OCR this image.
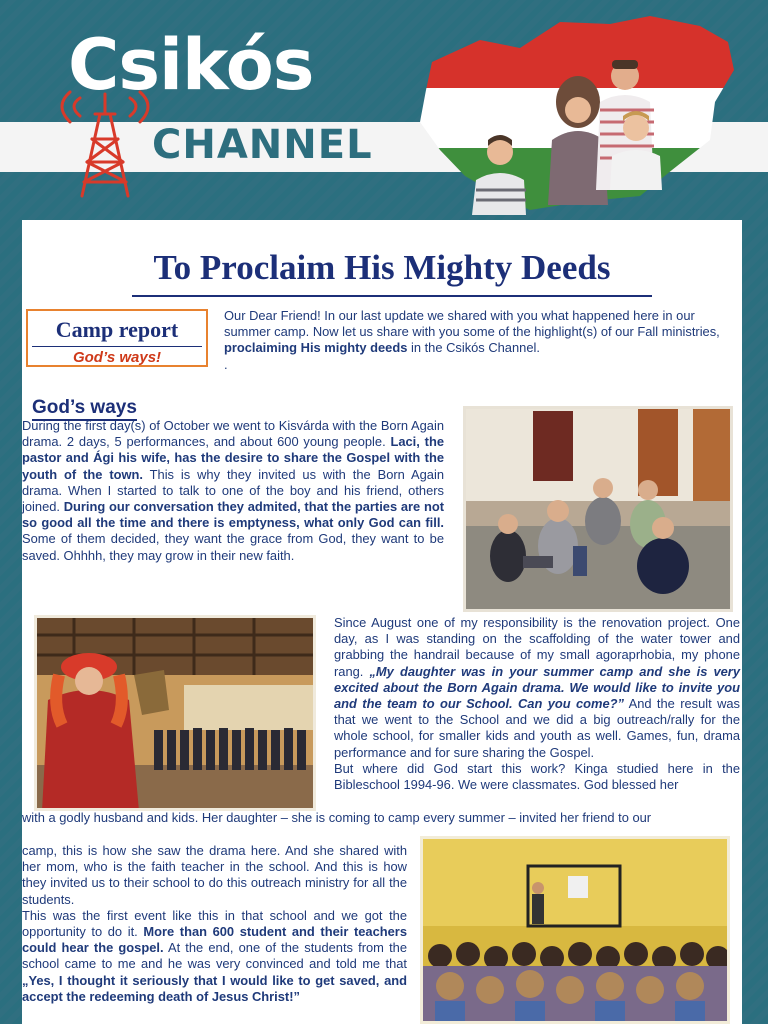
Csikós
CHANNEL
To Proclaim His Mighty Deeds
Camp report
God’s ways!
Our Dear Friend! In our last update we shared with you what happened here in our summer camp. Now let us share with you some of the highlight(s) of our Fall ministries, proclaiming His mighty deeds in the Csikós Channel.
.
God’s ways
During the first day(s) of October we went to Kisvárda with the Born Again drama. 2 days, 5 performances, and about 600 young people. Laci, the pastor and Ági his wife, has the desire to share the Gospel with the youth of the town. This is why they invited us with the Born Again drama. When I started to talk to one of the boy and his friend, others joined. During our conversation they admited, that the parties are not so good all the time and there is emptyness, what only God can fill. Some of them decided, they want the grace from God, they want to be saved. Ohhhh, they may grow in their new faith.
Since August one of my responsibility is the renovation project. One day, as I was standing on the scaffolding of the water tower and grabbing the handrail because of my small agoraprhobia, my phone rang. „My daughter was in your summer camp and she is very excited about the Born Again drama. We would like to invite you and the team to our School. Can you come?” And the result was that we went to the School and we did a big outreach/rally for the whole school, for smaller kids and youth as well. Games, fun, drama performance and for sure sharing the Gospel.
But where did God start this work? Kinga studied here in the Bibleschool 1994-96. We were classmates. God blessed her
with a godly husband and kids. Her daughter – she is coming to camp every summer – invited her friend to our
camp, this is how she saw the drama here. And she shared with her mom, who is the faith teacher in the school. And this is how they invited us to their school to do this outreach ministry for all the students.
This was the first event like this in that school and we got the opportunity to do it. More than 600 student and their teachers could hear the gospel. At the end, one of the students from the school came to me and he was very convinced and told me that „Yes, I thought it seriously that I would like to get saved, and accept the redeeming death of Jesus Christ!”
